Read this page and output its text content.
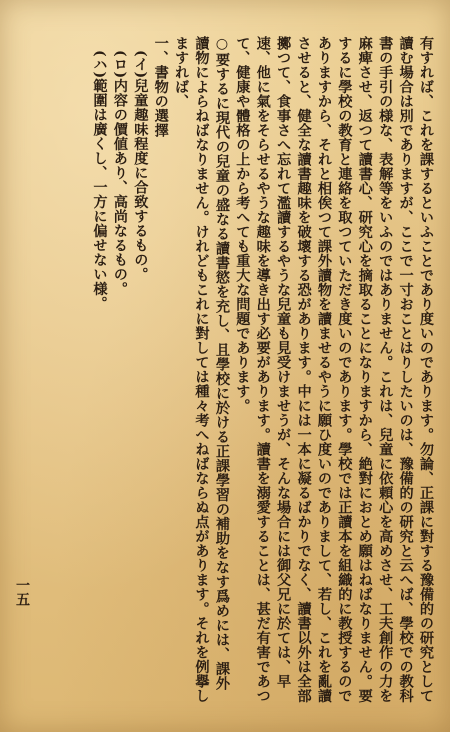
有すれば、これを課するといふことであり度いのであります。勿論、正課に對する豫備的の研究として讀む場合は別でありますが、ここで一寸おことはりしたいのは、豫備的の研究と云へば、學校での教科書の手引の様な、表解等をいふのではありません。これは、兒童に依頼心を高めさせ、工夫創作の力を麻痺させ、返つて讀書心、研究心を摘取ることになりますから、絶對におとめ願はねばなりません。要するに學校の教育と連絡を取つていただき度いのであります。學校では正讀本を組織的に教授するのでありますから、それと相俟つて課外讀物を讀ませるやうに願ひ度いのでありまして、若し、これを亂讀させると、健全な讀書趣味を破壞する恐があります。中には一本に凝るばかりでなく、讀書以外は全部擲つて、食事さへ忘れて濫讀するやうな兒童も見受けませうが、そんな場合には御父兄に於ては、早速、他に氣をそらせるやうな趣味を導き出す必要があります。讀書を溺愛することは、甚だ有害であつて、健康や體格の上から考へても重大な問題であります。
○要するに現代の兒童の盛なる讀書慾を充し、且學校に於ける正課學習の補助をなす爲めには、課外讀物によらねばなりません。けれどもこれに對しては種々考へねばならぬ点があります。それを例擧しますれば、
一、書物の選擇
(イ)兒童趣味程度に合致するもの。
(ロ)内容の價値あり、高尚なるもの。
(ハ)範圍は廣くし、一方に偏せない様。
一五
